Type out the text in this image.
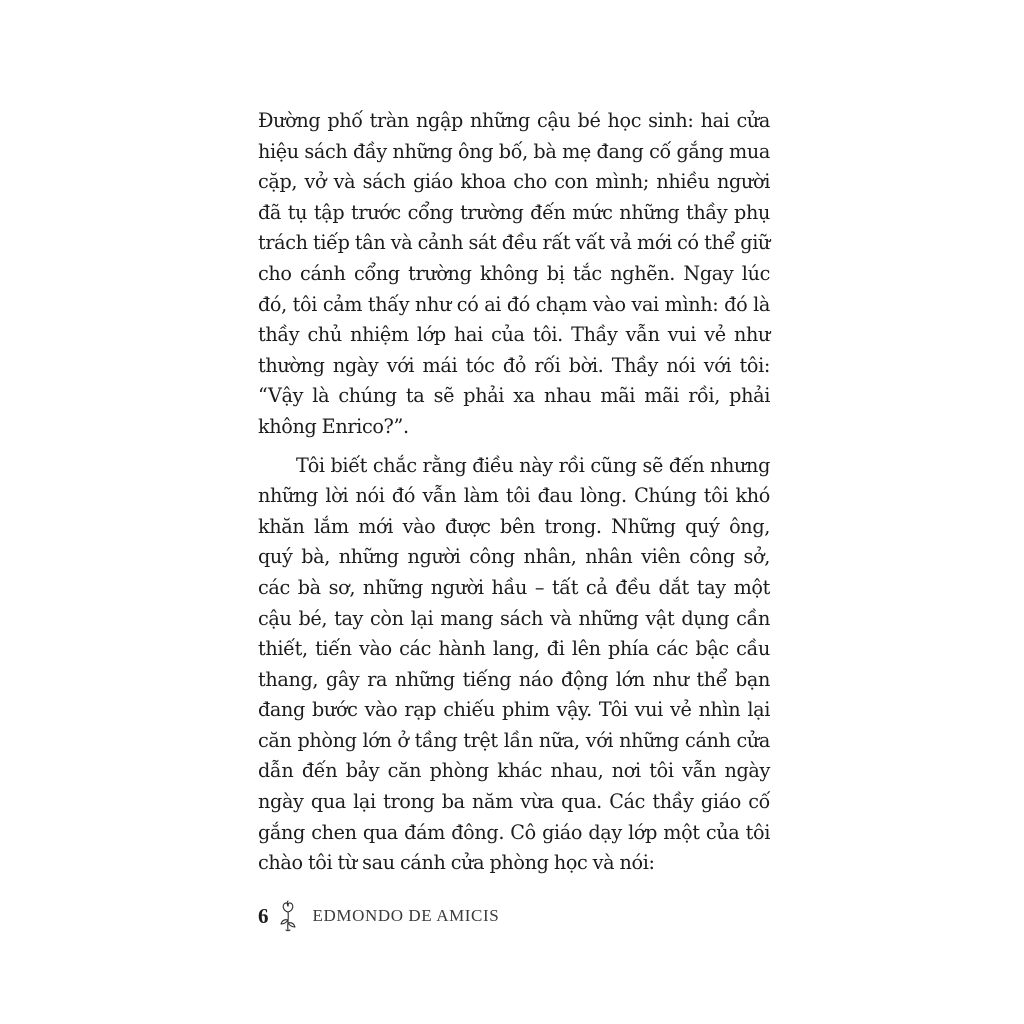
Đường phố tràn ngập những cậu bé học sinh: hai cửa hiệu sách đầy những ông bố, bà mẹ đang cố gắng mua cặp, vở và sách giáo khoa cho con mình; nhiều người đã tụ tập trước cổng trường đến mức những thầy phụ trách tiếp tân và cảnh sát đều rất vất vả mới có thể giữ cho cánh cổng trường không bị tắc nghẽn. Ngay lúc đó, tôi cảm thấy như có ai đó chạm vào vai mình: đó là thầy chủ nhiệm lớp hai của tôi. Thầy vẫn vui vẻ như thường ngày với mái tóc đỏ rối bời. Thầy nói với tôi: “Vậy là chúng ta sẽ phải xa nhau mãi mãi rồi, phải không Enrico?”.

Tôi biết chắc rằng điều này rồi cũng sẽ đến nhưng những lời nói đó vẫn làm tôi đau lòng. Chúng tôi khó khăn lắm mới vào được bên trong. Những quý ông, quý bà, những người công nhân, nhân viên công sở, các bà sơ, những người hầu – tất cả đều dắt tay một cậu bé, tay còn lại mang sách và những vật dụng cần thiết, tiến vào các hành lang, đi lên phía các bậc cầu thang, gây ra những tiếng náo động lớn như thể bạn đang bước vào rạp chiếu phim vậy. Tôi vui vẻ nhìn lại căn phòng lớn ở tầng trệt lần nữa, với những cánh cửa dẫn đến bảy căn phòng khác nhau, nơi tôi vẫn ngày ngày qua lại trong ba năm vừa qua. Các thầy giáo cố gắng chen qua đám đông. Cô giáo dạy lớp một của tôi chào tôi từ sau cánh cửa phòng học và nói:

6	EDMONDO DE AMICIS
